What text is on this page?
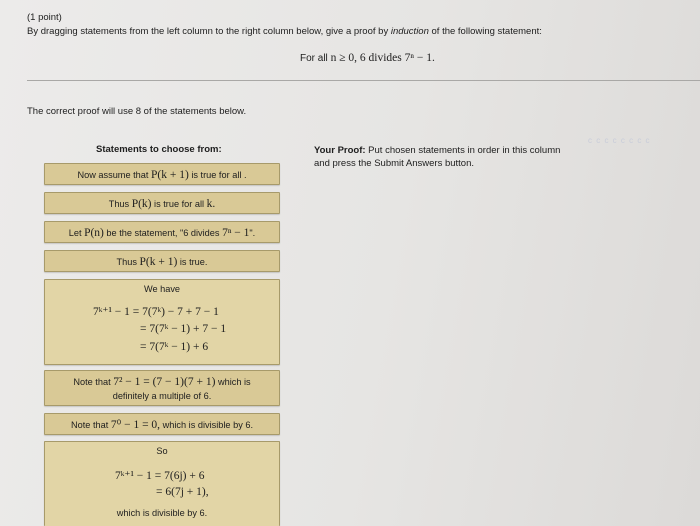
(1 point)
By dragging statements from the left column to the right column below, give a proof by induction of the following statement:
For all n ≥ 0, 6 divides 7ⁿ − 1.
The correct proof will use 8 of the statements below.
Statements to choose from:	Your Proof: Put chosen statements in order in this column and press the Submit Answers button.
c c c c c c c c
Now assume that P(k + 1) is true for all .
Thus P(k) is true for all k.
Let P(n) be the statement, "6 divides 7ⁿ − 1".
Thus P(k + 1) is true.
We have
7ᵏ⁺¹ − 1 = 7(7ᵏ) − 7 + 7 − 1
= 7(7ᵏ − 1) + 7 − 1
= 7(7ᵏ − 1) + 6
Note that 7² − 1 = (7 − 1)(7 + 1) which is
definitely a multiple of 6.
Note that 7⁰ − 1 = 0, which is divisible by 6.
So
7ᵏ⁺¹ − 1 = 7(6j) + 6
= 6(7j + 1),
which is divisible by 6.
